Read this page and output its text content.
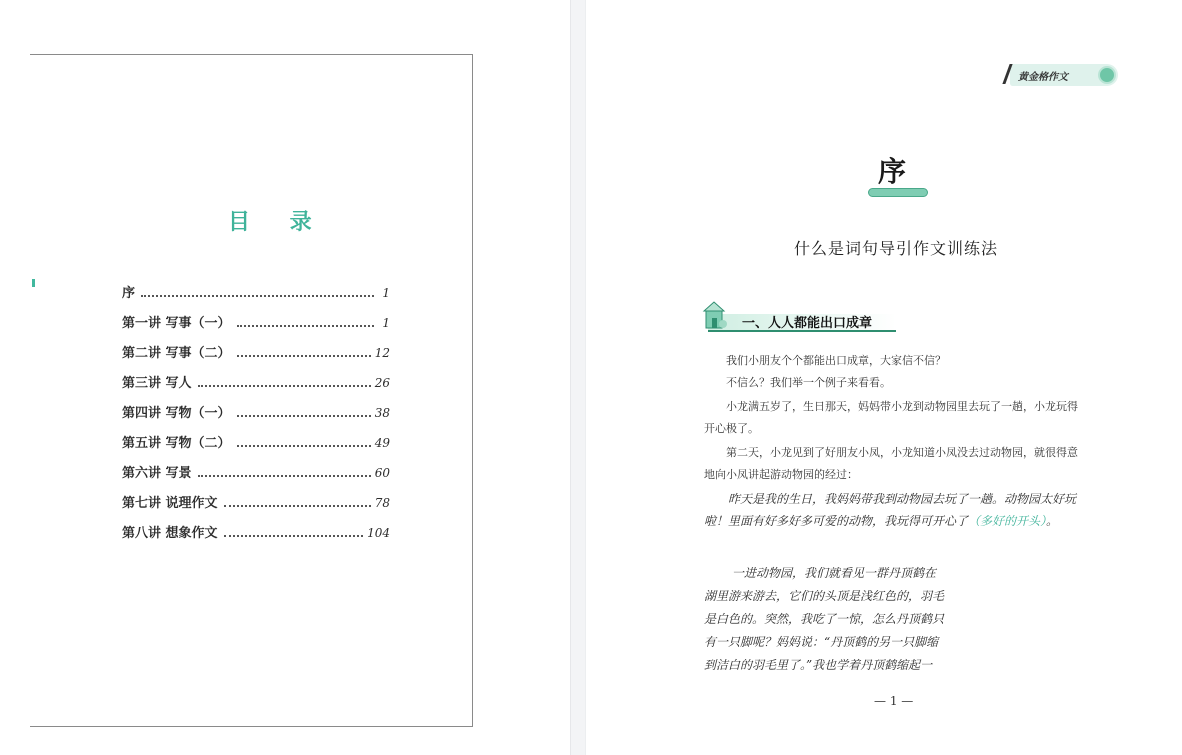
目 录
序	1
第一讲 写事（一）	1
第二讲 写事（二）	12
第三讲 写人	26
第四讲 写物（一）	38
第五讲 写物（二）	49
第六讲 写景	60
第七讲 说理作文	78
第八讲 想象作文	104
黄金格作文
序
什么是词句导引作文训练法
一、人人都能出口成章
我们小朋友个个都能出口成章，大家信不信？
不信么？我们举一个例子来看看。
小龙满五岁了，生日那天，妈妈带小龙到动物园里去玩了一趟，小龙玩得开心极了。
第二天，小龙见到了好朋友小凤，小龙知道小凤没去过动物园，就很得意地向小凤讲起游动物园的经过：
昨天是我的生日，我妈妈带我到动物园去玩了一趟。动物园太好玩啦！里面有好多好多可爱的动物，我玩得可开心了（多好的开头）。
一进动物园，我们就看见一群丹顶鹤在
湖里游来游去，它们的头顶是浅红色的，羽毛
是白色的。突然，我吃了一惊，怎么丹顶鹤只
有一只脚呢？妈妈说：“丹顶鹤的另一只脚缩
到洁白的羽毛里了。”我也学着丹顶鹤缩起一
— 1 —
